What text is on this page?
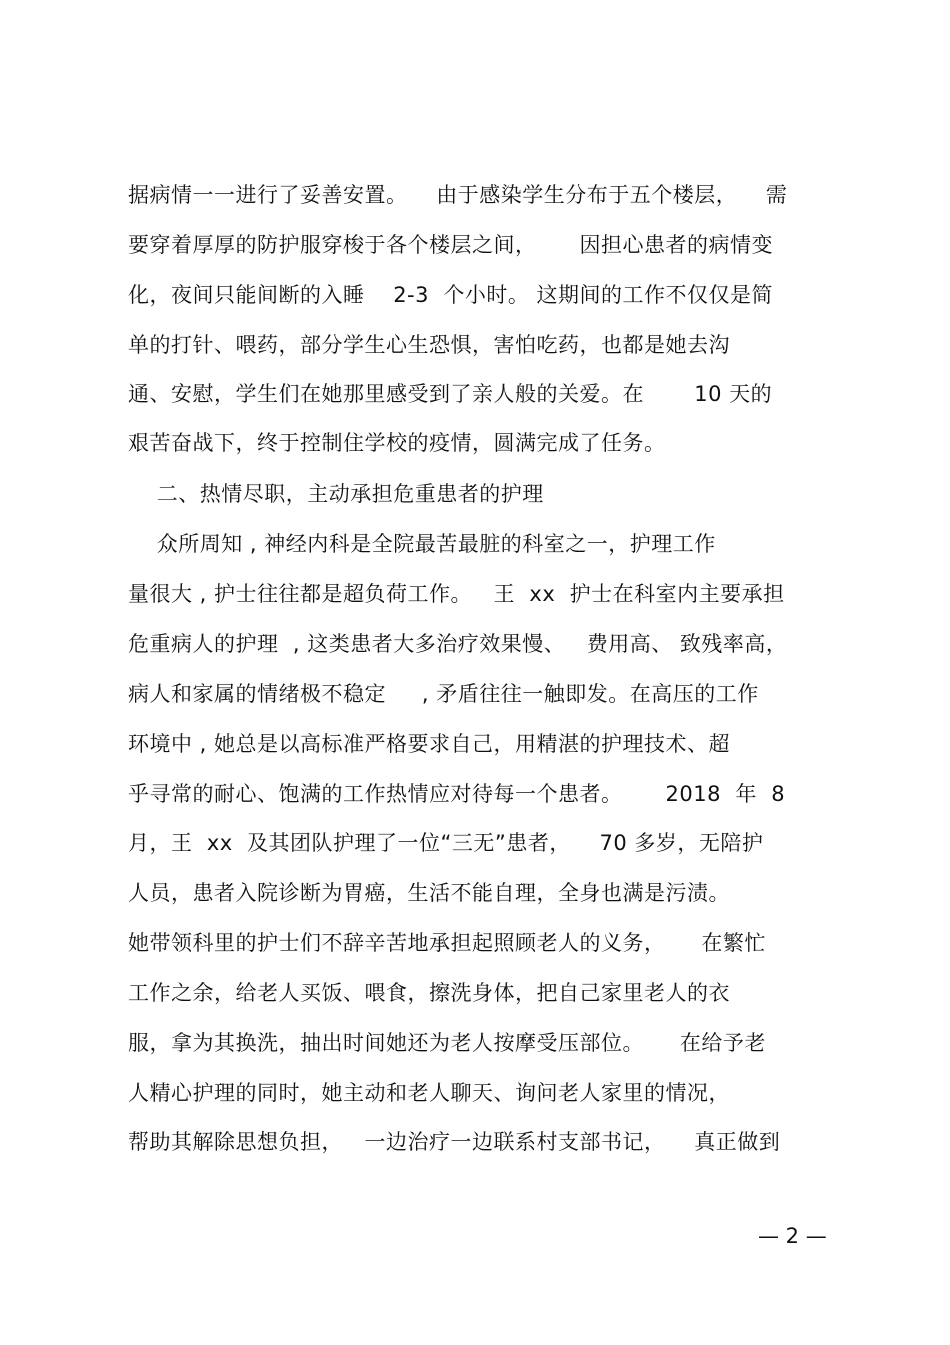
据病情一一进行了妥善安置。    由于感染学生分布于五个楼层，    需
要穿着厚厚的防护服穿梭于各个楼层之间，      因担心患者的病情变
化，夜间只能间断的入睡    2-3  个小时。 这期间的工作不仅仅是简
单的打针、喂药，部分学生心生恐惧，害怕吃药，也都是她去沟
通、安慰，学生们在她那里感受到了亲人般的关爱。在       10 天的
艰苦奋战下，终于控制住学校的疫情，圆满完成了任务。
二、热情尽职，主动承担危重患者的护理
众所周知 , 神经内科是全院最苦最脏的科室之一，护理工作
量很大 , 护士往往都是超负荷工作。   王  xx  护士在科室内主要承担
危重病人的护理  , 这类患者大多治疗效果慢、   费用高、 致残率高，
病人和家属的情绪极不稳定     , 矛盾往往一触即发。在高压的工作
环境中 , 她总是以高标准严格要求自己，用精湛的护理技术、超
乎寻常的耐心、饱满的工作热情应对待每一个患者。      2018  年  8
月，王  xx  及其团队护理了一位“三无”患者，    70 多岁，无陪护
人员，患者入院诊断为胃癌，生活不能自理，全身也满是污渍。
她带领科里的护士们不辞辛苦地承担起照顾老人的义务，     在繁忙
工作之余，给老人买饭、喂食，擦洗身体，把自己家里老人的衣
服，拿为其换洗，抽出时间她还为老人按摩受压部位。     在给予老
人精心护理的同时，她主动和老人聊天、询问老人家里的情况，
帮助其解除思想负担，   一边治疗一边联系村支部书记，    真正做到
— 2 —
